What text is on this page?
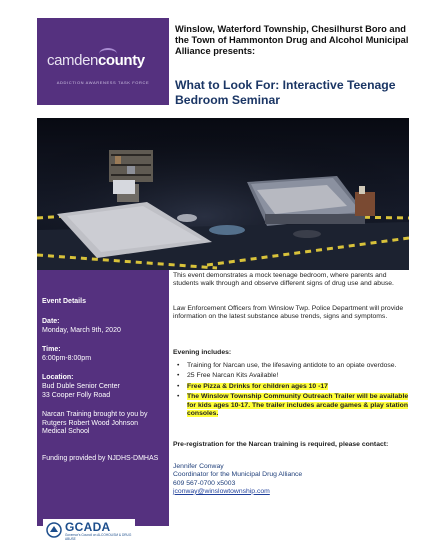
camdencounty
ADDICTION AWARENESS TASK FORCE
Winslow, Waterford Township, Chesilhurst Boro and the Town of Hammonton Drug and Alcohol Municipal Alliance presents:
What to Look For: Interactive Teenage Bedroom Seminar
Event Details
Date:
Monday, March 9th, 2020
Time:
6:00pm-8:00pm
Location:
Bud Duble Senior Center
33 Cooper Folly Road
Narcan Training brought to you by Rutgers Robert Wood Johnson Medical School
Funding provided by NJDHS-DMHAS
GCADA
Governor's Council on ALCOHOLISM & DRUG ABUSE
This event demonstrates a mock teenage bedroom, where parents and students walk through and observe different signs of drug use and abuse.
Law Enforcement Officers from Winslow Twp. Police Department will provide information on the latest substance abuse trends, signs and symptoms.
Evening includes:
• Training for Narcan use, the lifesaving antidote to an opiate overdose.
• 25 Free Narcan Kits Available!
• Free Pizza & Drinks for children ages 10 -17
• The Winslow Township Community Outreach Trailer will be available for kids ages 10-17. The trailer includes arcade games & play station consoles.
Pre-registration for the Narcan training is required, please contact:
Jennifer Conway
Coordinator for the Municipal Drug Alliance
609 567-0700 x5003
jconway@winslowtownship.com
